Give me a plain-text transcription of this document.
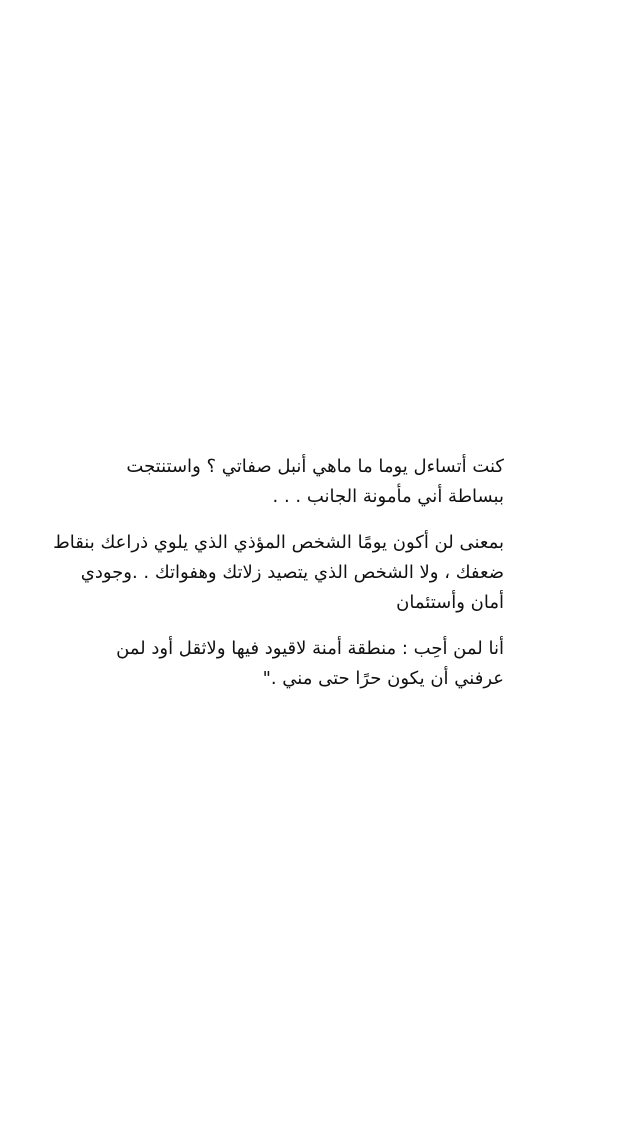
كنت أتساءل يوما ما ماهي أنبل صفاتي ؟ واستنتجت
ببساطة أني مأمونة الجانب . . .
بمعنى لن أكون يومًا الشخص المؤذي الذي يلوي ذراعك بنقاط
ضعفك ، ولا الشخص الذي يتصيد زلاتك وهفواتك . .وجودي
أمان وأستئمان
أنا لمن أحِب : منطقة أمنة لاقيود فيها ولاثقل أود لمن
عرفني أن يكون حرًا حتى مني ."
